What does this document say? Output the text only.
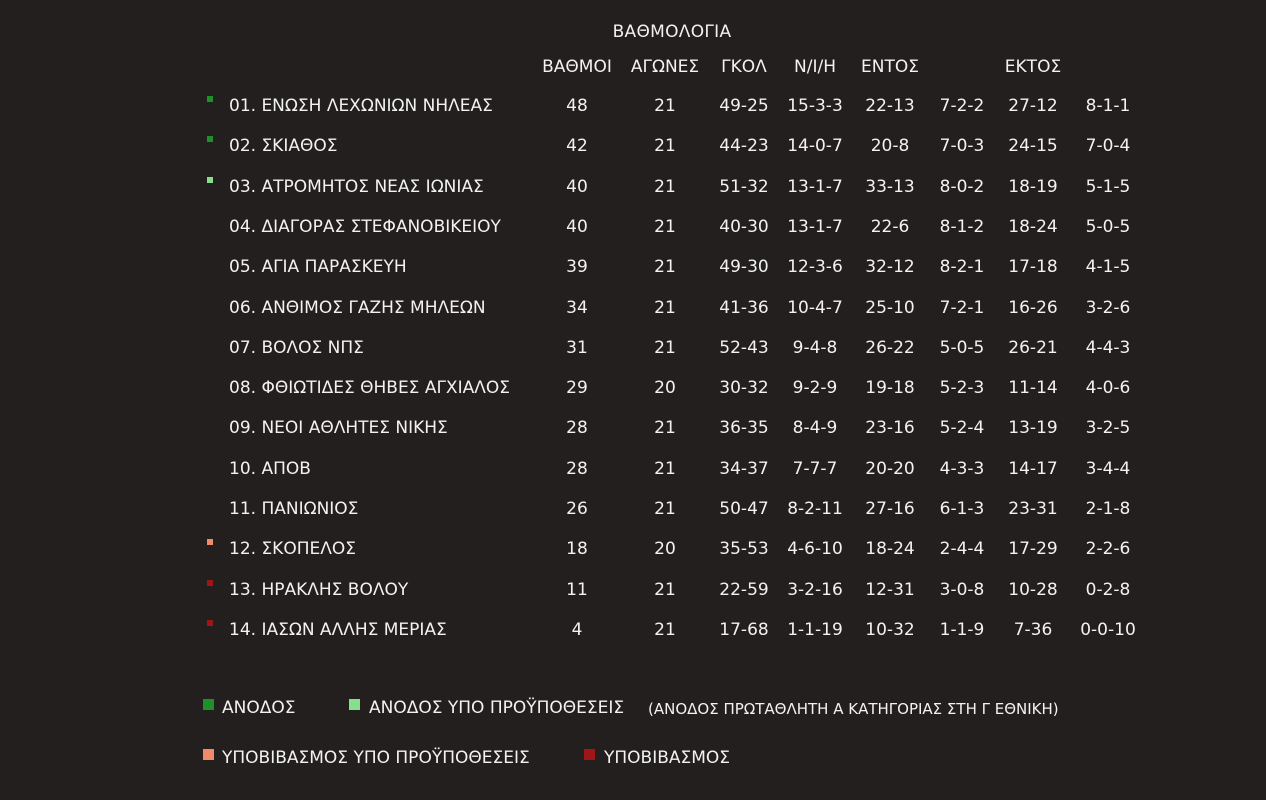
ΒΑΘΜΟΛΟΓΙΑ
ΒΑΘΜΟΙ ΑΓΩΝΕΣ ΓΚΟΛ Ν/Ι/Η ΕΝΤΟΣ	ΕΚΤΟΣ
01. ΕΝΩΣΗ ΛΕΧΩΝΙΩΝ ΝΗΛΕΑΣ	48	21	49-25 15-3-3 22-13 7-2-2 27-12 8-1-1
02. ΣΚΙΑΘΟΣ	42	21	44-23 14-0-7 20-8 7-0-3 24-15 7-0-4
03. ΑΤΡΟΜΗΤΟΣ ΝΕΑΣ ΙΩΝΙΑΣ	40	21	51-32 13-1-7 33-13 8-0-2 18-19 5-1-5
04. ΔΙΑΓΟΡΑΣ ΣΤΕΦΑΝΟΒΙΚΕΙΟΥ	40	21	40-30 13-1-7 22-6 8-1-2 18-24 5-0-5
05. ΑΓΙΑ ΠΑΡΑΣΚΕΥΗ	39	21	49-30 12-3-6 32-12 8-2-1 17-18 4-1-5
06. ΑΝΘΙΜΟΣ ΓΑΖΗΣ ΜΗΛΕΩΝ	34	21	41-36 10-4-7 25-10 7-2-1 16-26 3-2-6
07. ΒΟΛΟΣ ΝΠΣ	31	21	52-43 9-4-8 26-22 5-0-5 26-21 4-4-3
08. ΦΘΙΩΤΙΔΕΣ ΘΗΒΕΣ ΑΓΧΙΑΛΟΣ	29	20	30-32 9-2-9 19-18 5-2-3 11-14 4-0-6
09. ΝΕΟΙ ΑΘΛΗΤΕΣ ΝΙΚΗΣ	28	21	36-35 8-4-9 23-16 5-2-4 13-19 3-2-5
10. ΑΠΟΒ	28	21	34-37 7-7-7 20-20 4-3-3 14-17 3-4-4
11. ΠΑΝΙΩΝΙΟΣ	26	21	50-47 8-2-11 27-16 6-1-3 23-31 2-1-8
12. ΣΚΟΠΕΛΟΣ	18	20	35-53 4-6-10 18-24 2-4-4 17-29 2-2-6
13. ΗΡΑΚΛΗΣ ΒΟΛΟΥ	11	21	22-59 3-2-16 12-31 3-0-8 10-28 0-2-8
14. ΙΑΣΩΝ ΑΛΛΗΣ ΜΕΡΙΑΣ	4	21	17-68 1-1-19 10-32 1-1-9 7-36 0-0-10
ΑΝΟΔΟΣ	ΑΝΟΔΟΣ ΥΠΟ ΠΡΟΫΠΟΘΕΣΕΙΣ (ΑΝΟΔΟΣ ΠΡΩΤΑΘΛΗΤΗ Α ΚΑΤΗΓΟΡΙΑΣ ΣΤΗ Γ ΕΘΝΙΚΗ)
ΥΠΟΒΙΒΑΣΜΟΣ ΥΠΟ ΠΡΟΫΠΟΘΕΣΕΙΣ	ΥΠΟΒΙΒΑΣΜΟΣ
